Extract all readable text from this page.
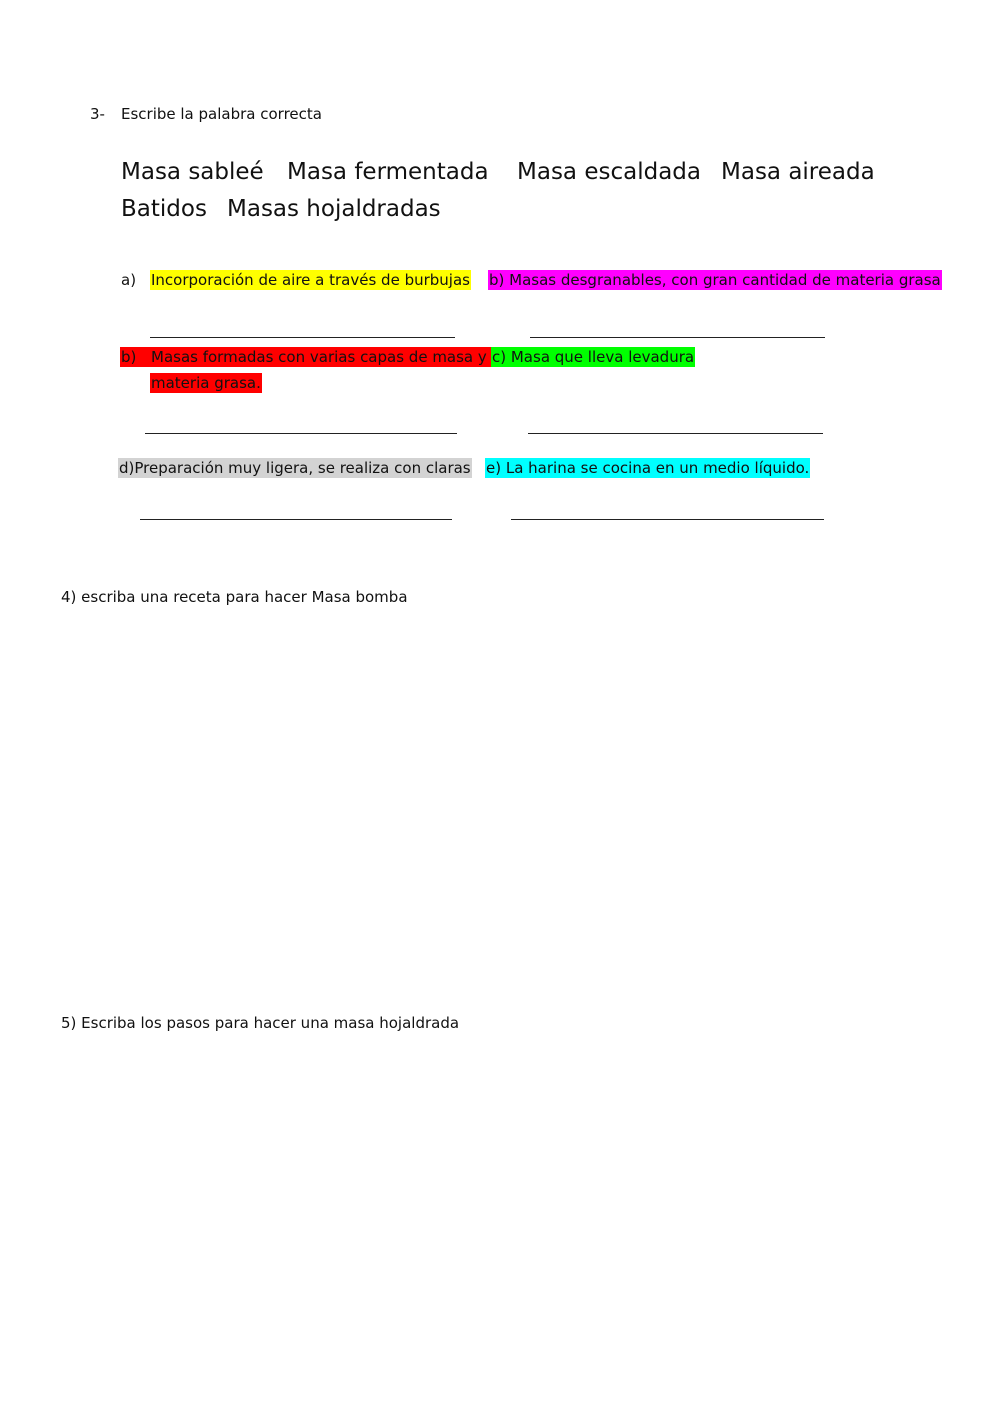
3- Escribe la palabra correcta
Masa sableé Masa fermentada Masa escaldada Masa aireada
Batidos Masas hojaldradas
a) Incorporación de aire a través de burbujas b) Masas desgranables, con gran cantidad de materia grasa
b) Masas formadas con varias capas de masa y
materia grasa.
c) Masa que lleva levadura
d)Preparación muy ligera, se realiza con claras e) La harina se cocina en un medio líquido.
4) escriba una receta para hacer Masa bomba
5) Escriba los pasos para hacer una masa hojaldrada
